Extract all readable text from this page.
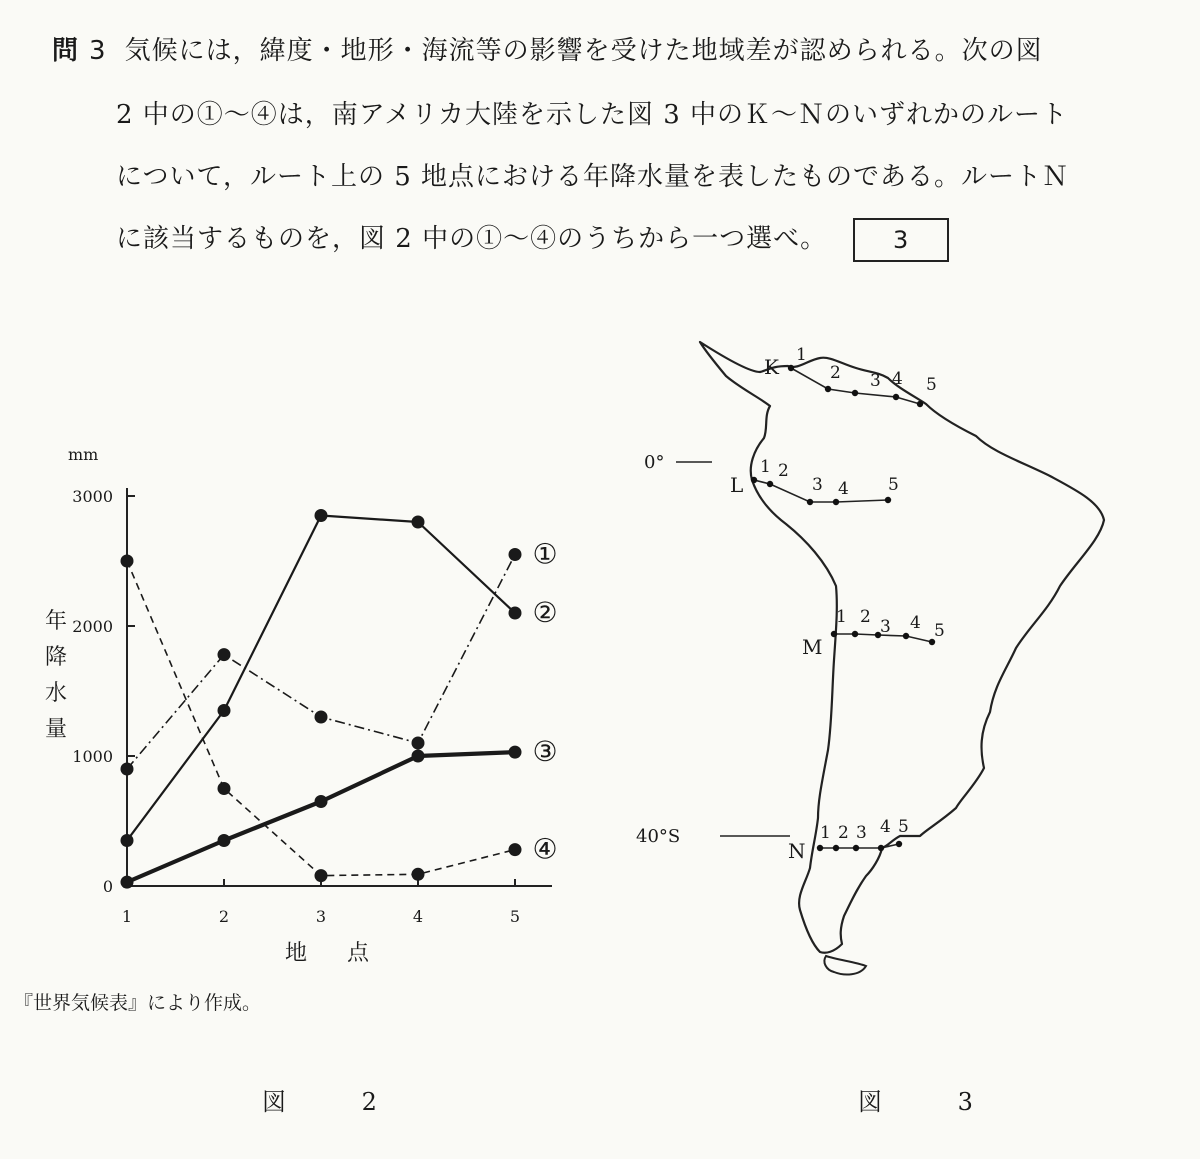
問 3 気候には，緯度・地形・海流等の影響を受けた地域差が認められる。次の図
2 中の①～④は，南アメリカ大陸を示した図 3 中のＫ～Ｎのいずれかのルート
について，ルート上の 5 地点における年降水量を表したものである。ルートＮ
に該当するものを，図 2 中の①～④のうちから一つ選べ。	3
mm
年
降
水
量
地 点
0
1000
2000
3000
1	2	3	4	5
①
②
③
④
『世界気候表』により作成。
図 2
0°
40°S
1
2 3 4 5
K
1 2
3 4 5
L
1 2 3 4 5
M
1 2 3 4 5
N
図 3
